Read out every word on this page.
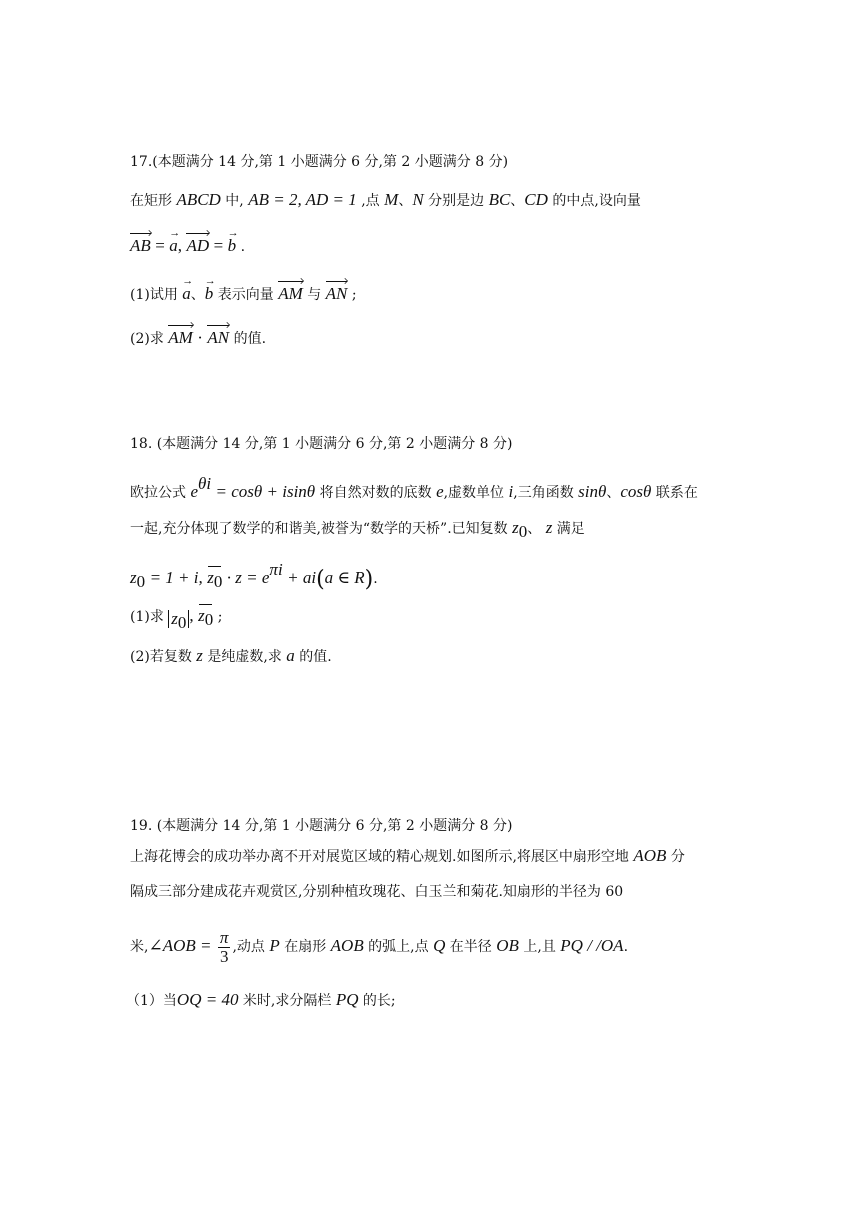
17.(本题满分 14 分,第 1 小题满分 6 分,第 2 小题满分 8 分)
在矩形 ABCD 中, AB = 2, AD = 1 ,点 M、N 分别是边 BC、CD 的中点,设向量
AB = → a, AD = → b .
(1)试用 → a、→ b 表示向量 AM 与 AN ;
(2)求 AM · AN 的值.
18. (本题满分 14 分,第 1 小题满分 6 分,第 2 小题满分 8 分)
欧拉公式 $e^{\theta i} = \cos\theta + isin\theta$ 将自然对数的底数 e,虚数单位 i,三角函数 sinθ、cosθ 联系在
一起,充分体现了数学的和谐美,被誉为“数学的天桥”.已知复数 $z_0$、 z 满足
$z_0 = 1 + i$, $z_0 \cdot z = e^{\pi i} + ai(a$ ∈ R).
(1)求 $z_0$ , $z_0$ ;
(2)若复数 z 是纯虚数,求 a 的值.
19. (本题满分 14 分,第 1 小题满分 6 分,第 2 小题满分 8 分)
上海花博会的成功举办离不开对展览区域的精心规划.如图所示,将展区中扇形空地 AOB 分
隔成三部分建成花卉观赏区,分别种植玫瑰花、白玉兰和菊花.知扇形的半径为 60
米,∠AOB = $\frac{\pi}{3}$ ,动点 P 在扇形 AOB 的弧上,点 Q 在半径 OB 上,且 PQ / /OA.
（1）当OQ = 40 米时,求分隔栏 PQ 的长;
